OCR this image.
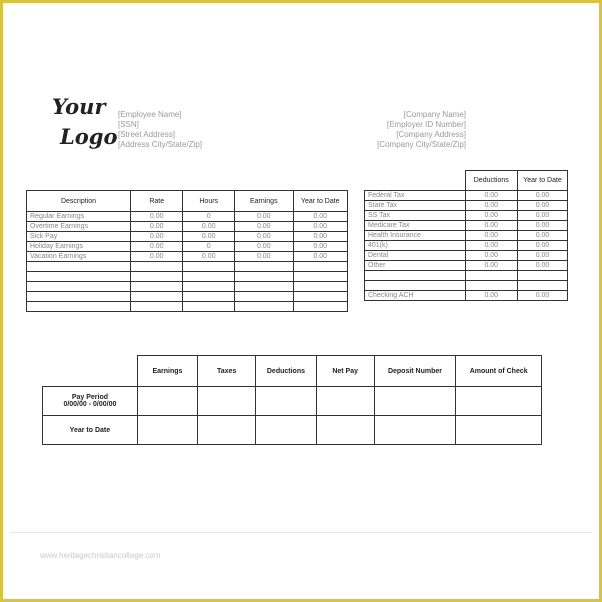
Your
Logo
[Employee Name]
[SSN]
[Street Address]
[Address City/State/Zip]
[Company Name]
[Employer ID Number]
[Company Address]
[Company City/State/Zip]
Description	Rate	Hours	Earnings	Year to Date
Regular Earnings	0.00	0	0.00	0.00
Overtime Earnings	0.00	0.00	0.00	0.00
Sick Pay	0.00	0.00	0.00	0.00
Holiday Earnings	0.00	0	0.00	0.00
Vacation Earnings	0.00	0.00	0.00	0.00

	Deductions	Year to Date
Federal Tax	0.00	0.00
State Tax	0.00	0.00
SS Tax	0.00	0.00
Medicare Tax	0.00	0.00
Health Insurance	0.00	0.00
401(k)	0.00	0.00
Dental	0.00	0.00
Other	0.00	0.00

Checking ACH	0.00	0.00
	Earnings	Taxes	Deductions	Net Pay	Deposit Number	Amount of Check

Pay Period
0/00/00 - 0/00/00						

Year to Date						
www.heritagechristiancollege.com
